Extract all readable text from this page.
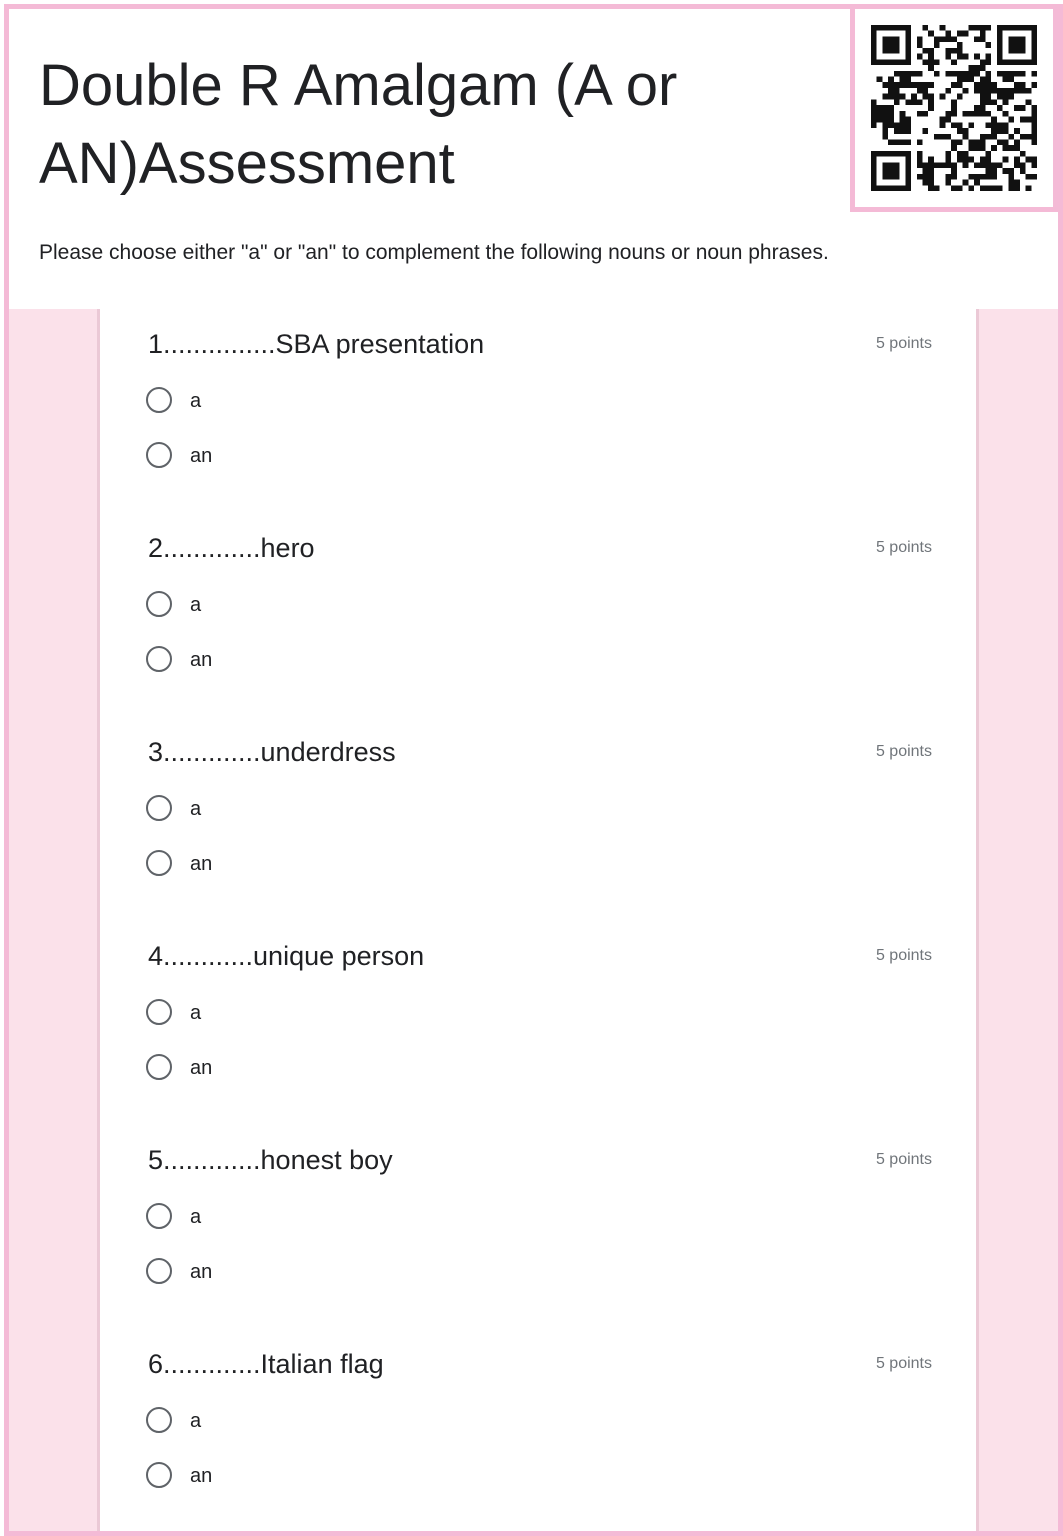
Double R Amalgam (A or AN)Assessment

Please choose either "a" or "an" to complement the following nouns or noun phrases.

1...............SBA presentation	5 points
a
an
2.............hero	5 points
a
an
3.............underdress	5 points
a
an
4............unique person	5 points
a
an
5.............honest boy	5 points
a
an
6.............Italian flag	5 points
a
an
